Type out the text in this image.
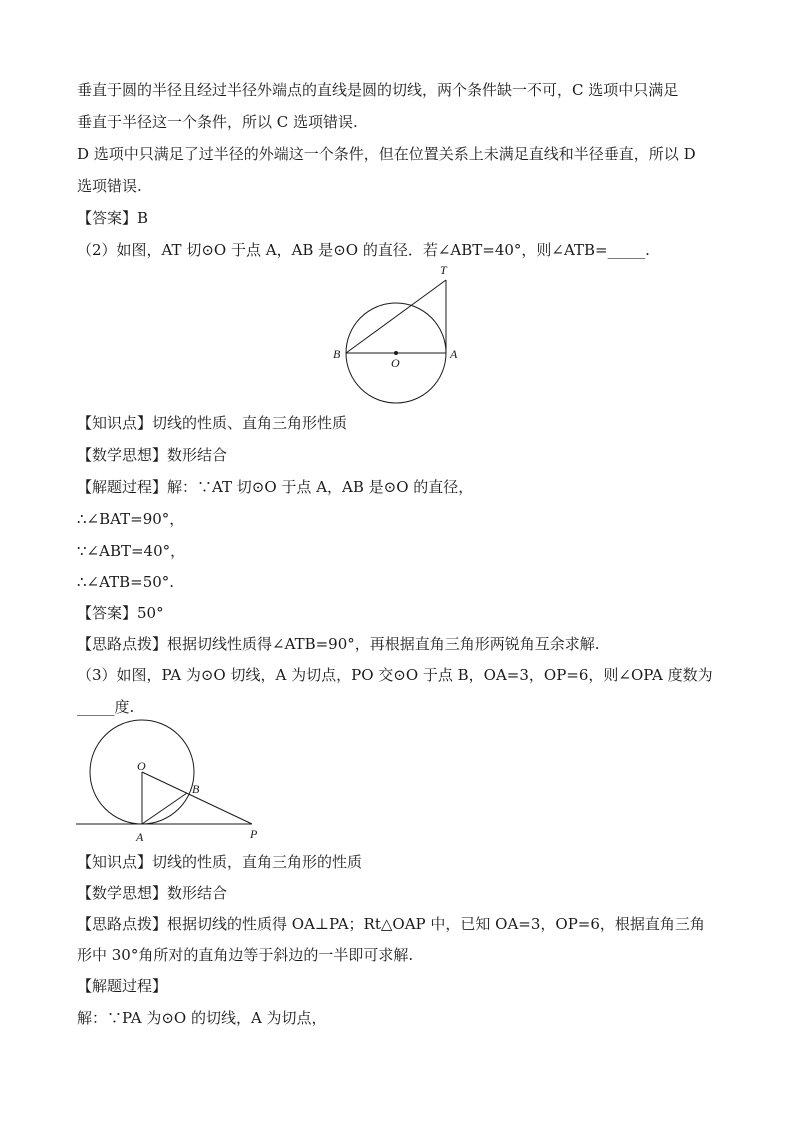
垂直于圆的半径且经过半径外端点的直线是圆的切线，两个条件缺一不可，C 选项中只满足
垂直于半径这一个条件，所以 C 选项错误.
D 选项中只满足了过半径的外端这一个条件，但在位置关系上未满足直线和半径垂直，所以 D
选项错误.
【答案】B
（2）如图，AT 切⊙O 于点 A，AB 是⊙O 的直径．若∠ABT=40°，则∠ATB=_____.
T
B	A
O
【知识点】切线的性质、直角三角形性质
【数学思想】数形结合
【解题过程】解：∵AT 切⊙O 于点 A，AB 是⊙O 的直径，
∴∠BAT=90°，
∵∠ABT=40°，
∴∠ATB=50°.
【答案】50°
【思路点拨】根据切线性质得∠ATB=90°，再根据直角三角形两锐角互余求解.
（3）如图，PA 为⊙O 切线，A 为切点，PO 交⊙O 于点 B，OA=3，OP=6，则∠OPA 度数为
_____度.
O
B
A	P
【知识点】切线的性质，直角三角形的性质
【数学思想】数形结合
【思路点拨】根据切线的性质得 OA⊥PA；Rt△OAP 中，已知 OA=3，OP=6，根据直角三角
形中 30°角所对的直角边等于斜边的一半即可求解.
【解题过程】
解：∵PA 为⊙O 的切线，A 为切点，
